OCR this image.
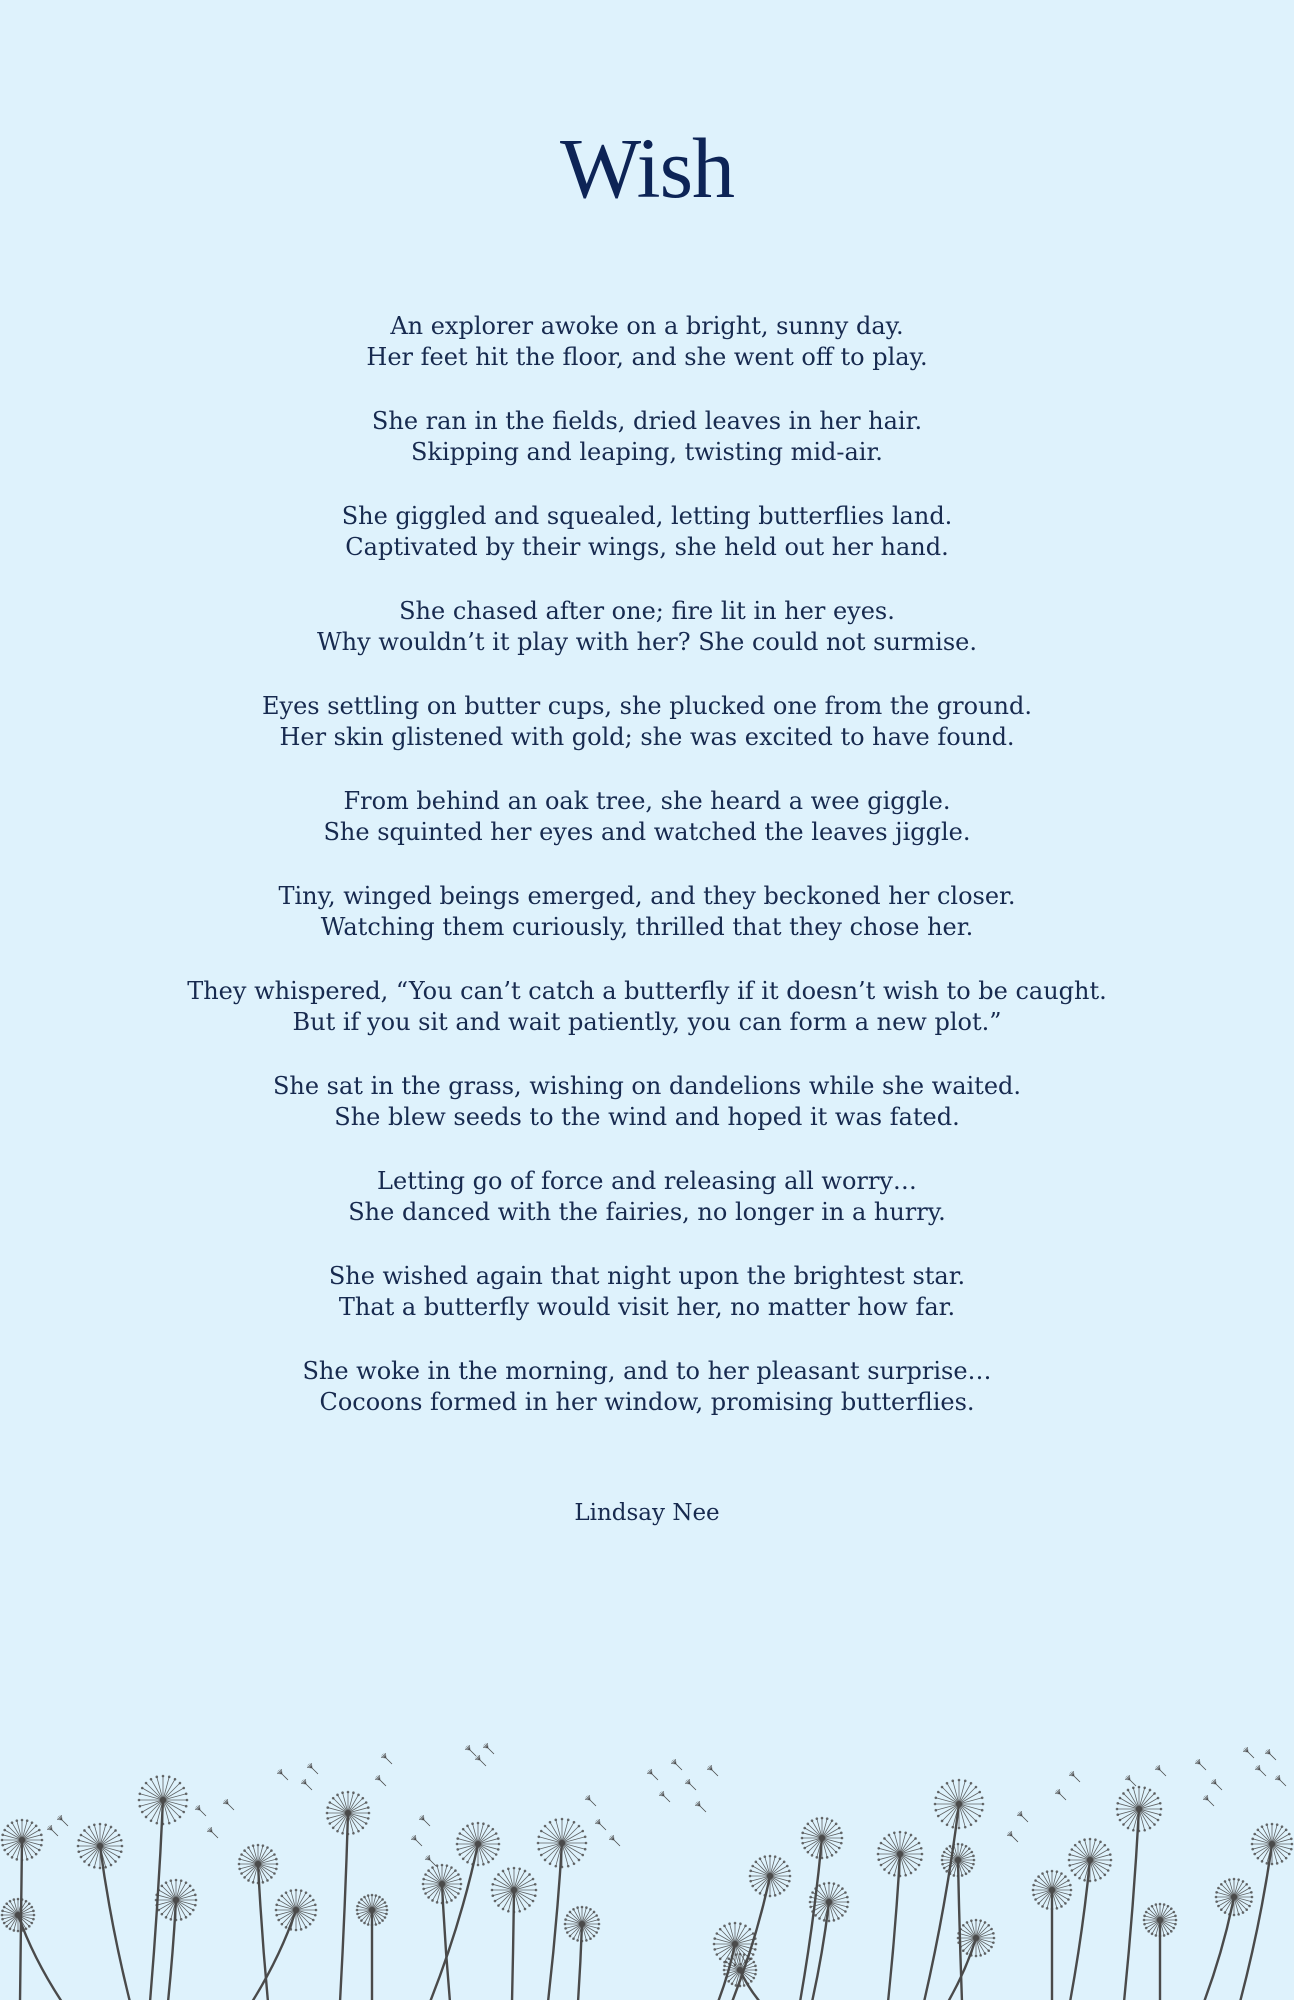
Wish

An explorer awoke on a bright, sunny day.
Her feet hit the floor, and she went off to play.

She ran in the fields, dried leaves in her hair.
Skipping and leaping, twisting mid-air.

She giggled and squealed, letting butterflies land.
Captivated by their wings, she held out her hand.

She chased after one; fire lit in her eyes.
Why wouldn’t it play with her? She could not surmise.

Eyes settling on butter cups, she plucked one from the ground.
Her skin glistened with gold; she was excited to have found.

From behind an oak tree, she heard a wee giggle.
She squinted her eyes and watched the leaves jiggle.

Tiny, winged beings emerged, and they beckoned her closer.
Watching them curiously, thrilled that they chose her.

They whispered, “You can’t catch a butterfly if it doesn’t wish to be caught.
But if you sit and wait patiently, you can form a new plot.”

She sat in the grass, wishing on dandelions while she waited.
She blew seeds to the wind and hoped it was fated.

Letting go of force and releasing all worry…
She danced with the fairies, no longer in a hurry.

She wished again that night upon the brightest star.
That a butterfly would visit her, no matter how far.

She woke in the morning, and to her pleasant surprise…
Cocoons formed in her window, promising butterflies.

Lindsay Nee
